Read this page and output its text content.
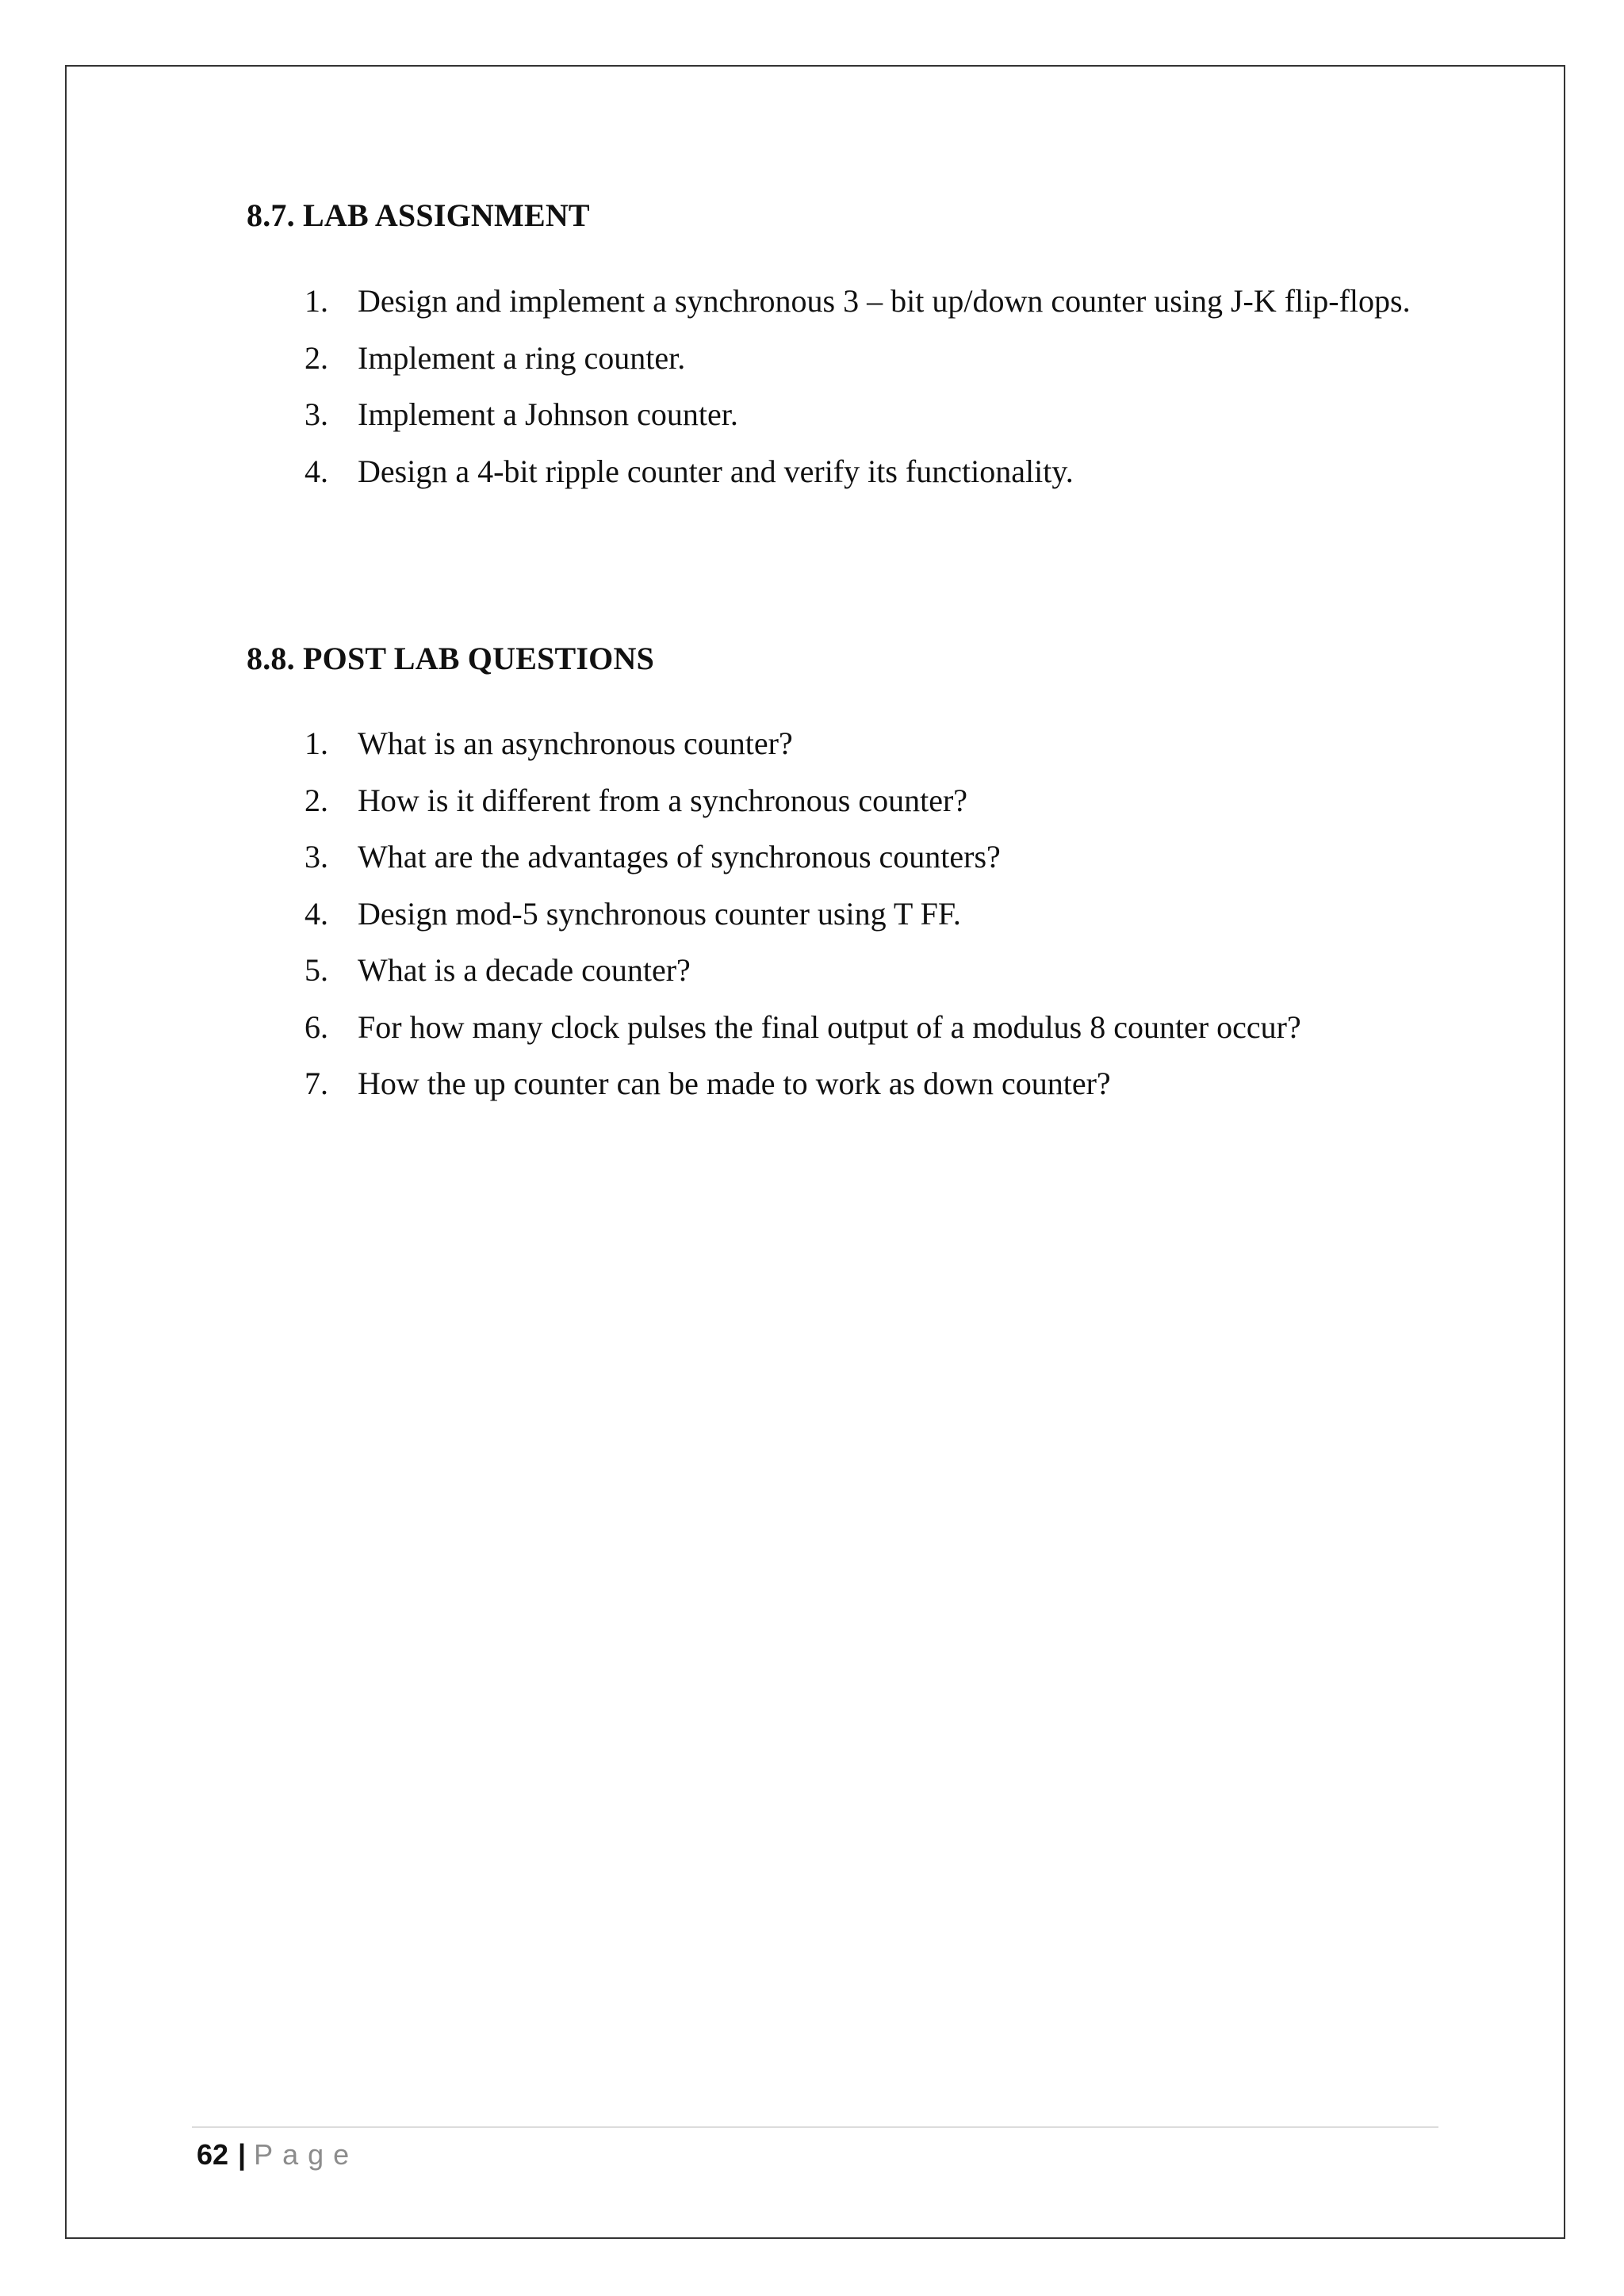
8.7. LAB ASSIGNMENT
1. Design and implement a synchronous 3 – bit up/down counter using J-K flip-flops.
2. Implement a ring counter.
3. Implement a Johnson counter.
4. Design a 4-bit ripple counter and verify its functionality.
8.8. POST LAB QUESTIONS
1. What is an asynchronous counter?
2. How is it different from a synchronous counter?
3. What are the advantages of synchronous counters?
4. Design mod-5 synchronous counter using T FF.
5. What is a decade counter?
6. For how many clock pulses the final output of a modulus 8 counter occur?
7. How the up counter can be made to work as down counter?
62 | Page
